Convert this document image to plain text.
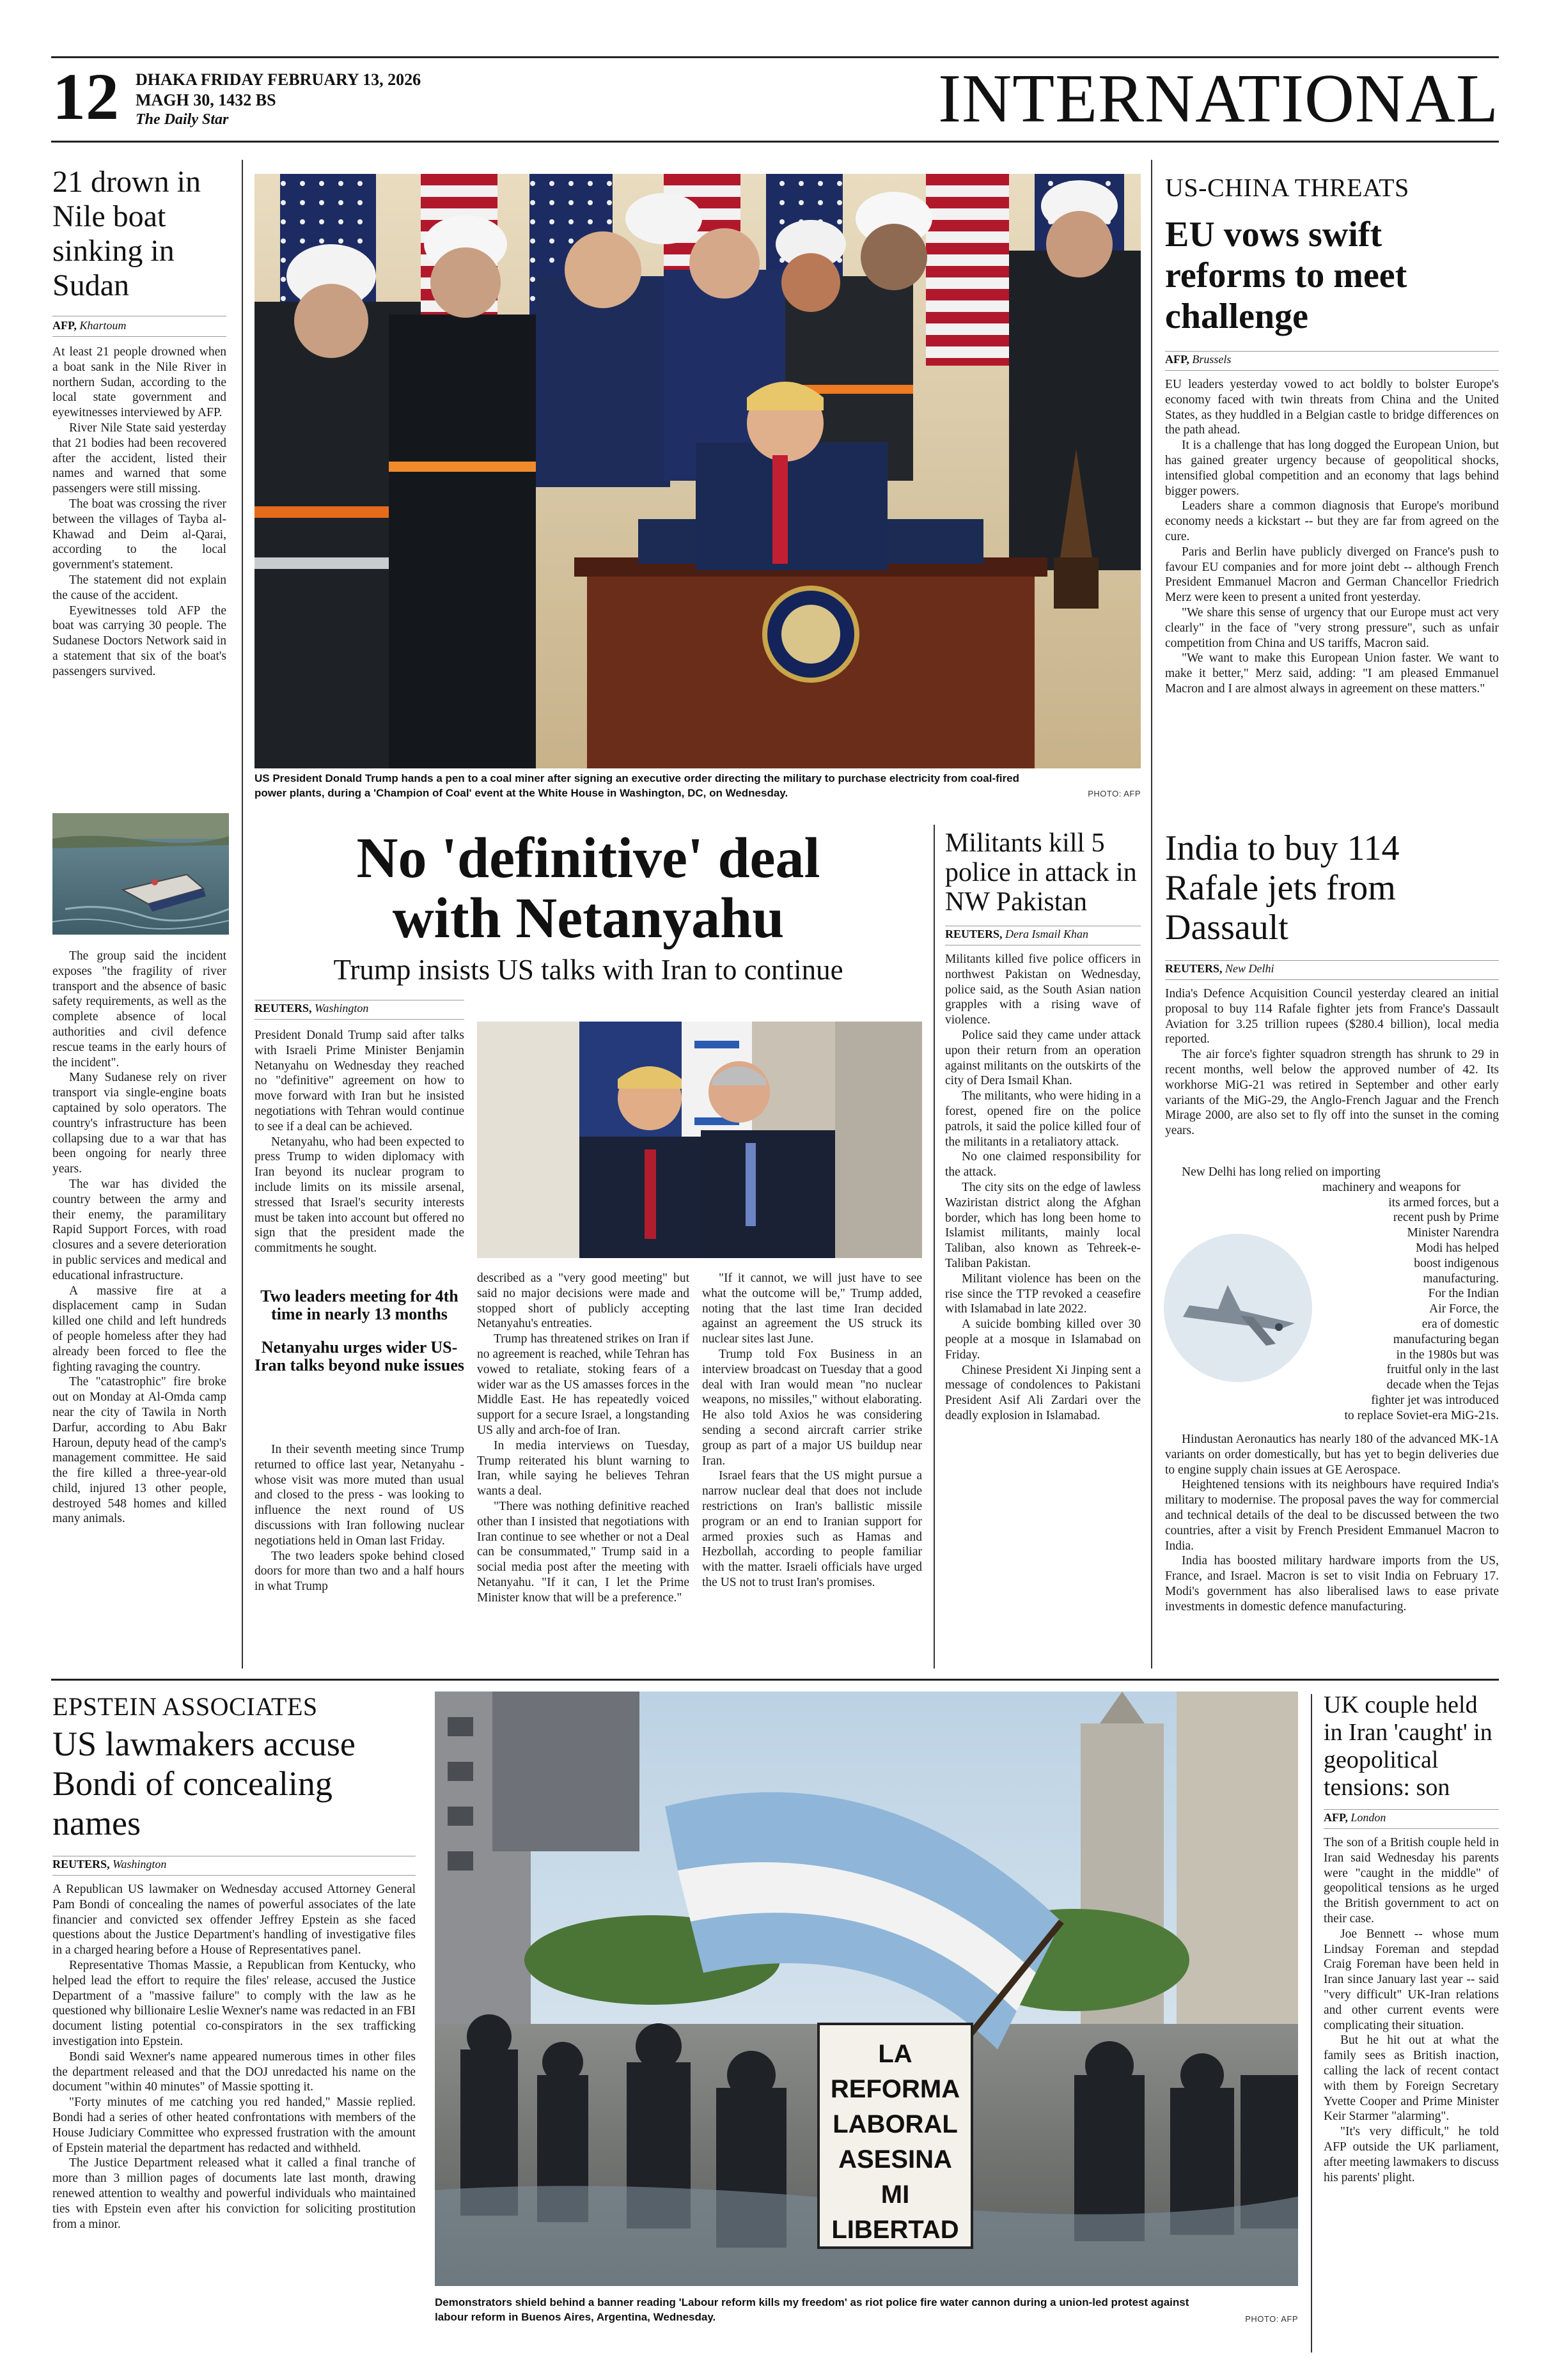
12 DHAKA FRIDAY FEBRUARY 13, 2026
MAGH 30, 1432 BS
The Daily Star	INTERNATIONAL
21 drown in Nile boat sinking in Sudan
AFP, Khartoum

At least 21 people drowned when a boat sank in the Nile River in northern Sudan, according to the local state government and eyewitnesses interviewed by AFP.

River Nile State said yesterday that 21 bodies had been recovered after the accident, listed their names and warned that some passengers were still missing.

The boat was crossing the river between the villages of Tayba al-Khawad and Deim al-Qarai, according to the local government's statement.

The statement did not explain the cause of the accident.

Eyewitnesses told AFP the boat was carrying 30 people. The Sudanese Doctors Network said in a statement that six of the boat's passengers survived.

The group said the incident exposes "the fragility of river transport and the absence of basic safety requirements, as well as the complete absence of local authorities and civil defence rescue teams in the early hours of the incident".

Many Sudanese rely on river transport via single-engine boats captained by solo operators. The country's infrastructure has been collapsing due to a war that has been ongoing for nearly three years.

The war has divided the country between the army and their enemy, the paramilitary Rapid Support Forces, with road closures and a severe deterioration in public services and medical and educational infrastructure.

A massive fire at a displacement camp in Sudan killed one child and left hundreds of people homeless after they had already been forced to flee the fighting ravaging the country.

The "catastrophic" fire broke out on Monday at Al-Omda camp near the city of Tawila in North Darfur, according to Abu Bakr Haroun, deputy head of the camp's management committee. He said the fire killed a three-year-old child, injured 13 other people, destroyed 548 homes and killed many animals.

US President Donald Trump hands a pen to a coal miner after signing an executive order directing the military to purchase electricity from coal-fired power plants, during a 'Champion of Coal' event at the White House in Washington, DC, on Wednesday.	PHOTO: AFP
US-CHINA THREATS
EU vows swift reforms to meet challenge
AFP, Brussels

EU leaders yesterday vowed to act boldly to bolster Europe's economy faced with twin threats from China and the United States, as they huddled in a Belgian castle to bridge differences on the path ahead.

It is a challenge that has long dogged the European Union, but has gained greater urgency because of geopolitical shocks, intensified global competition and an economy that lags behind bigger powers.

Leaders share a common diagnosis that Europe's moribund economy needs a kickstart -- but they are far from agreed on the cure.

Paris and Berlin have publicly diverged on France's push to favour EU companies and for more joint debt -- although French President Emmanuel Macron and German Chancellor Friedrich Merz were keen to present a united front yesterday.

"We share this sense of urgency that our Europe must act very clearly" in the face of "very strong pressure", such as unfair competition from China and US tariffs, Macron said.

"We want to make this European Union faster. We want to make it better," Merz said, adding: "I am pleased Emmanuel Macron and I are almost always in agreement on these matters."

No 'definitive' deal
with Netanyahu
Trump insists US talks with Iran to continue
REUTERS, Washington

President Donald Trump said after talks with Israeli Prime Minister Benjamin Netanyahu on Wednesday they reached no "definitive" agreement on how to move forward with Iran but he insisted negotiations with Tehran would continue to see if a deal can be achieved.

Netanyahu, who had been expected to press Trump to widen diplomacy with Iran beyond its nuclear program to include limits on its missile arsenal, stressed that Israel's security interests must be taken into account but offered no sign that the president made the commitments he sought.

Two leaders meeting for 4th time in nearly 13 months
Netanyahu urges wider US-Iran talks beyond nuke issues

In their seventh meeting since Trump returned to office last year, Netanyahu - whose visit was more muted than usual and closed to the press - was looking to influence the next round of US discussions with Iran following nuclear negotiations held in Oman last Friday.

The two leaders spoke behind closed doors for more than two and a half hours in what Trump

described as a "very good meeting" but said no major decisions were made and stopped short of publicly accepting Netanyahu's entreaties.

Trump has threatened strikes on Iran if no agreement is reached, while Tehran has vowed to retaliate, stoking fears of a wider war as the US amasses forces in the Middle East. He has repeatedly voiced support for a secure Israel, a longstanding US ally and arch-foe of Iran.

In media interviews on Tuesday, Trump reiterated his blunt warning to Iran, while saying he believes Tehran wants a deal.

"There was nothing definitive reached other than I insisted that negotiations with Iran continue to see whether or not a Deal can be consummated," Trump said in a social media post after the meeting with Netanyahu. "If it can, I let the Prime Minister know that will be a preference."

"If it cannot, we will just have to see what the outcome will be," Trump added, noting that the last time Iran decided against an agreement the US struck its nuclear sites last June.

Trump told Fox Business in an interview broadcast on Tuesday that a good deal with Iran would mean "no nuclear weapons, no missiles," without elaborating. He also told Axios he was considering sending a second aircraft carrier strike group as part of a major US buildup near Iran.

Israel fears that the US might pursue a narrow nuclear deal that does not include restrictions on Iran's ballistic missile program or an end to Iranian support for armed proxies such as Hamas and Hezbollah, according to people familiar with the matter. Israeli officials have urged the US not to trust Iran's promises.

Militants kill 5 police in attack in NW Pakistan
REUTERS, Dera Ismail Khan

Militants killed five police officers in northwest Pakistan on Wednesday, police said, as the South Asian nation grapples with a rising wave of violence.

Police said they came under attack upon their return from an operation against militants on the outskirts of the city of Dera Ismail Khan.

The militants, who were hiding in a forest, opened fire on the police patrols, it said the police killed four of the militants in a retaliatory attack.

No one claimed responsibility for the attack.

The city sits on the edge of lawless Waziristan district along the Afghan border, which has long been home to Islamist militants, mainly local Taliban, also known as Tehreek-e-Taliban Pakistan.

Militant violence has been on the rise since the TTP revoked a ceasefire with Islamabad in late 2022.

A suicide bombing killed over 30 people at a mosque in Islamabad on Friday.

Chinese President Xi Jinping sent a message of condolences to Pakistani President Asif Ali Zardari over the deadly explosion in Islamabad.

India to buy 114 Rafale jets from Dassault
REUTERS, New Delhi

India's Defence Acquisition Council yesterday cleared an initial proposal to buy 114 Rafale fighter jets from France's Dassault Aviation for 3.25 trillion rupees ($280.4 billion), local media reported.

The air force's fighter squadron strength has shrunk to 29 in recent months, well below the approved number of 42. Its workhorse MiG-21 was retired in September and other early variants of the MiG-29, the Anglo-French Jaguar and the French Mirage 2000, are also set to fly off into the sunset in the coming years.

New Delhi has long relied on importing
machinery and weapons for
its armed forces, but a
recent push by Prime
Minister Narendra
Modi has helped
boost indigenous
manufacturing.
For the Indian
Air Force, the
era of domestic
manufacturing began
in the 1980s but was
fruitful only in the last
decade when the Tejas
fighter jet was introduced
to replace Soviet-era MiG-21s.

Hindustan Aeronautics has nearly 180 of the advanced MK-1A variants on order domestically, but has yet to begin deliveries due to engine supply chain issues at GE Aerospace.

Heightened tensions with its neighbours have required India's military to modernise. The proposal paves the way for commercial and technical details of the deal to be discussed between the two countries, after a visit by French President Emmanuel Macron to India.

India has boosted military hardware imports from the US, France, and Israel. Macron is set to visit India on February 17. Modi's government has also liberalised laws to ease private investments in domestic defence manufacturing.

EPSTEIN ASSOCIATES
US lawmakers accuse Bondi of concealing names
REUTERS, Washington

A Republican US lawmaker on Wednesday accused Attorney General Pam Bondi of concealing the names of powerful associates of the late financier and convicted sex offender Jeffrey Epstein as she faced questions about the Justice Department's handling of investigative files in a charged hearing before a House of Representatives panel.

Representative Thomas Massie, a Republican from Kentucky, who helped lead the effort to require the files' release, accused the Justice Department of a "massive failure" to comply with the law as he questioned why billionaire Leslie Wexner's name was redacted in an FBI document listing potential co-conspirators in the sex trafficking investigation into Epstein.

Bondi said Wexner's name appeared numerous times in other files the department released and that the DOJ unredacted his name on the document "within 40 minutes" of Massie spotting it.

"Forty minutes of me catching you red handed," Massie replied. Bondi had a series of other heated confrontations with members of the House Judiciary Committee who expressed frustration with the amount of Epstein material the department has redacted and withheld.

The Justice Department released what it called a final tranche of more than 3 million pages of documents late last month, drawing renewed attention to wealthy and powerful individuals who maintained ties with Epstein even after his conviction for soliciting prostitution from a minor.

LA
REFORMA
LABORAL
ASESINA
MI
LIBERTAD
Demonstrators shield behind a banner reading 'Labour reform kills my freedom' as riot police fire water cannon during a union-led protest against labour reform in Buenos Aires, Argentina, Wednesday.	PHOTO: AFP
UK couple held in Iran 'caught' in geopolitical tensions: son
AFP, London

The son of a British couple held in Iran said Wednesday his parents were "caught in the middle" of geopolitical tensions as he urged the British government to act on their case.

Joe Bennett -- whose mum Lindsay Foreman and stepdad Craig Foreman have been held in Iran since January last year -- said "very difficult" UK-Iran relations and other current events were complicating their situation.

But he hit out at what the family sees as British inaction, calling the lack of recent contact with them by Foreign Secretary Yvette Cooper and Prime Minister Keir Starmer "alarming".

"It's very difficult," he told AFP outside the UK parliament, after meeting lawmakers to discuss his parents' plight.
